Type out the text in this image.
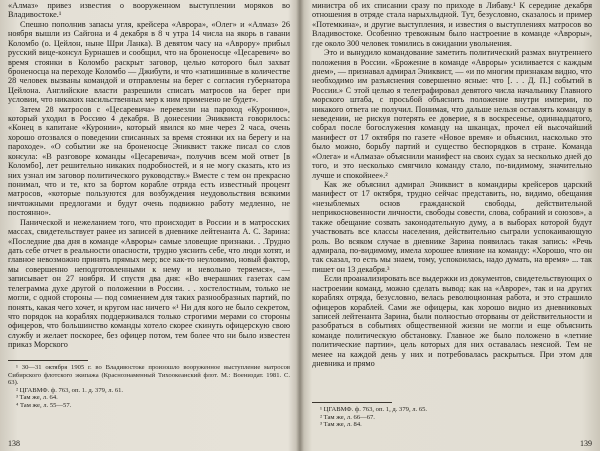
«Алмаз» привез известия о вооруженном выступлении моряков во Владивостоке.¹

Спешно пополнив запасы угля, крейсера «Аврора», «Олег» и «Алмаз» 26 ноября вышли из Сайгона и 4 декабря в 8 ч утра 14 числа на якорь в гавани Коломбо (о. Цейлон, ныне Шри Ланка). В девятом часу на «Аврору» прибыл русский вице-консул Бурнашев и сообщил, что на броненосце «Цесаревич» во время стоянки в Коломбо раскрыт заговор, целью которого был захват броненосца на переходе Коломбо — Джибути, и что «затишинные в количестве 28 человек вызваны командой и отправлены на берег с согласия губернатора Цейлона. Английские власти разрешили списать матросов на берег при условии, что никаких насильственных мер к ним применено не будет».

Затем 28 матросов с «Цесаревича» перевезли на пароход «Куронию», который уходил в Россию 4 декабря. В донесении Эниквиста говорилось: «Конец в капитане «Куронии», который явился ко мне через 2 часа, очень хорошо отозвался о поведении списанных за время стоянки их на берегу и на пароходе». «О событии же на броненосце Эниквист также писал со слов консула: «В разговоре команды «Цесаревича», получив всем мой ответ [в Коломбо], лет решительно никаких подробностей, и я не могу сказать, кто из них узнал им заговор политического руководству.» Вместе с тем он прекрасно понимал, что и те, кто за бортом корабле отряда есть известный процент матросов, «которые пользуются для возбуждения неудовольствия всякими ничтожными предлогами и будут очень подвижно работу медленно, не постоянно».

Панической и нежеланием того, что происходит в России и в матросских массах, свидетельствует ранее из записей в дневнике лейтенанта А. С. Зарина: «Последние два дня в команде «Авроры» самые зловещие признаки. . .Трудно дать себе отчет в реальности опасности, трудно уяснить себе, что люди хотят, и главное невозможно принять прямых мер; все как-то неуловимо, новый фактор, мы совершенно неподготовленными к нему и невольно теряемся», — записывает он 27 ноября. И спустя два дня: «Во вчерашних газетах сам телеграмма духе другой о положении в России. . . хостелостным, только не могли, с одной стороны — под сомнением для таких разнообразных партий, по понять, какая чего хочет, и кругом нас ничего «¹ Ни для кого не было секретом, что порядок на кораблях поддерживался только строгими мерами со стороны офицеров, что большинство команды хотело скорее скинуть офицерскую свою службу и желает поскорее, без офицер потом, тем более что ни было известен приказ Морского

¹ 30—31 октября 1905 г. во Владивостоке произошло вооруженное выступление матросов Сибирского флотского экипажа (Краснознаменный Тихоокеанский флот. М.: Воениздат. 1981. С. 63).

² ЦГАВМФ. ф. 763, оп. 1. д. 379, л. 61.

³ Там же, л. 64.

⁴ Там же, л. 55—57.

138

министра об их списании сразу по приходе в Либаву.¹ К середине декабря отношения в отряде стала нарыхлыдной. Тут, безусловно, сказалось и пример «Потемкина», и другие выступления, и известия о выступлениях матросов во Владивостоке. Особенно тревожным было настроение в команде «Авроры», где около 300 человек томились в ожидании увольнения.

Это и вынудило командование заметить политический размах внутреннего положения в России. «Брожение в команде «Авроры» усиливается с каждым днем», — признавал адмирал Эниквист, — «и по многим признакам видно, что необходимо им разъяснения совершенно ясные: что [. . . Д. П.] событий в России.» С этой целью я телеграфировал девятого числа начальнику Главного морского штаба, с просьбой объяснить положение внутри империи, по никакого ответа не получил. Понимая, что дальше нельзя оставлять команду в неведении, не рискуя потерять ее доверие, я в воскресенье, одиннадцатого, собрал после богослужения команду на шканцах, прочел ей высочайший манифест от 17 октября по газете «Новое время» и объяснил, насколько это было можно, борьбу партий и существо беспорядков в стране. Команда «Олега» и «Алмаза» объяснили манифест на своих судах за несколько дней до того, и это несколько смягчило команду стало, по-видимому, значительно лучше и спокойнее».²

Как же объяснил адмирал Эниквист в командиры крейсеров царский манифест от 17 октября, трудно сейчас представить, но, видимо, обещания «незыблемых основ гражданской свободы, действительной неприкосновенности личности, свободы совести, слова, собраний и союзов», а также обещание созвать законодательную думу, а в выборах которой будут участвовать все классы населения, действительно сыграли успокаивающую роль. Во всяком случае в дневнике Зарина появилась такая запись: «Речь адмирала, по-видимому, имела хорошее влияние на команду: «Хорошо, что он так сказал, то есть мы знаем, тому, успокоилась, надо думать, на время» ... так пишет он 13 декабря.³

Если проанализировать все выдержки из документов, свидетельствующих о настроении команд, можно сделать вывод: как на «Авроре», так и на других кораблях отряда, безусловно, велась революционная работа, и это страшило офицеров кораблей. Сами же офицеры, как хорошо видно из дневниковых записей лейтенанта Зарина, были полностью оторваны от действительности и разобраться в событиях общественной жизни не могли и еще объяснить команде политическую обстановку. Главное же было положено в «летние политические партии», цель которых для них оставалась неясной. Тем не менее на каждой день у них и потребовалась раскрыться. При этом для дневника и прямо

¹ ЦГАВМФ. ф. 763, оп. 1, д. 379, л. 65.

² Там же, л. 66—67.

³ Там же, л. 84.

139
